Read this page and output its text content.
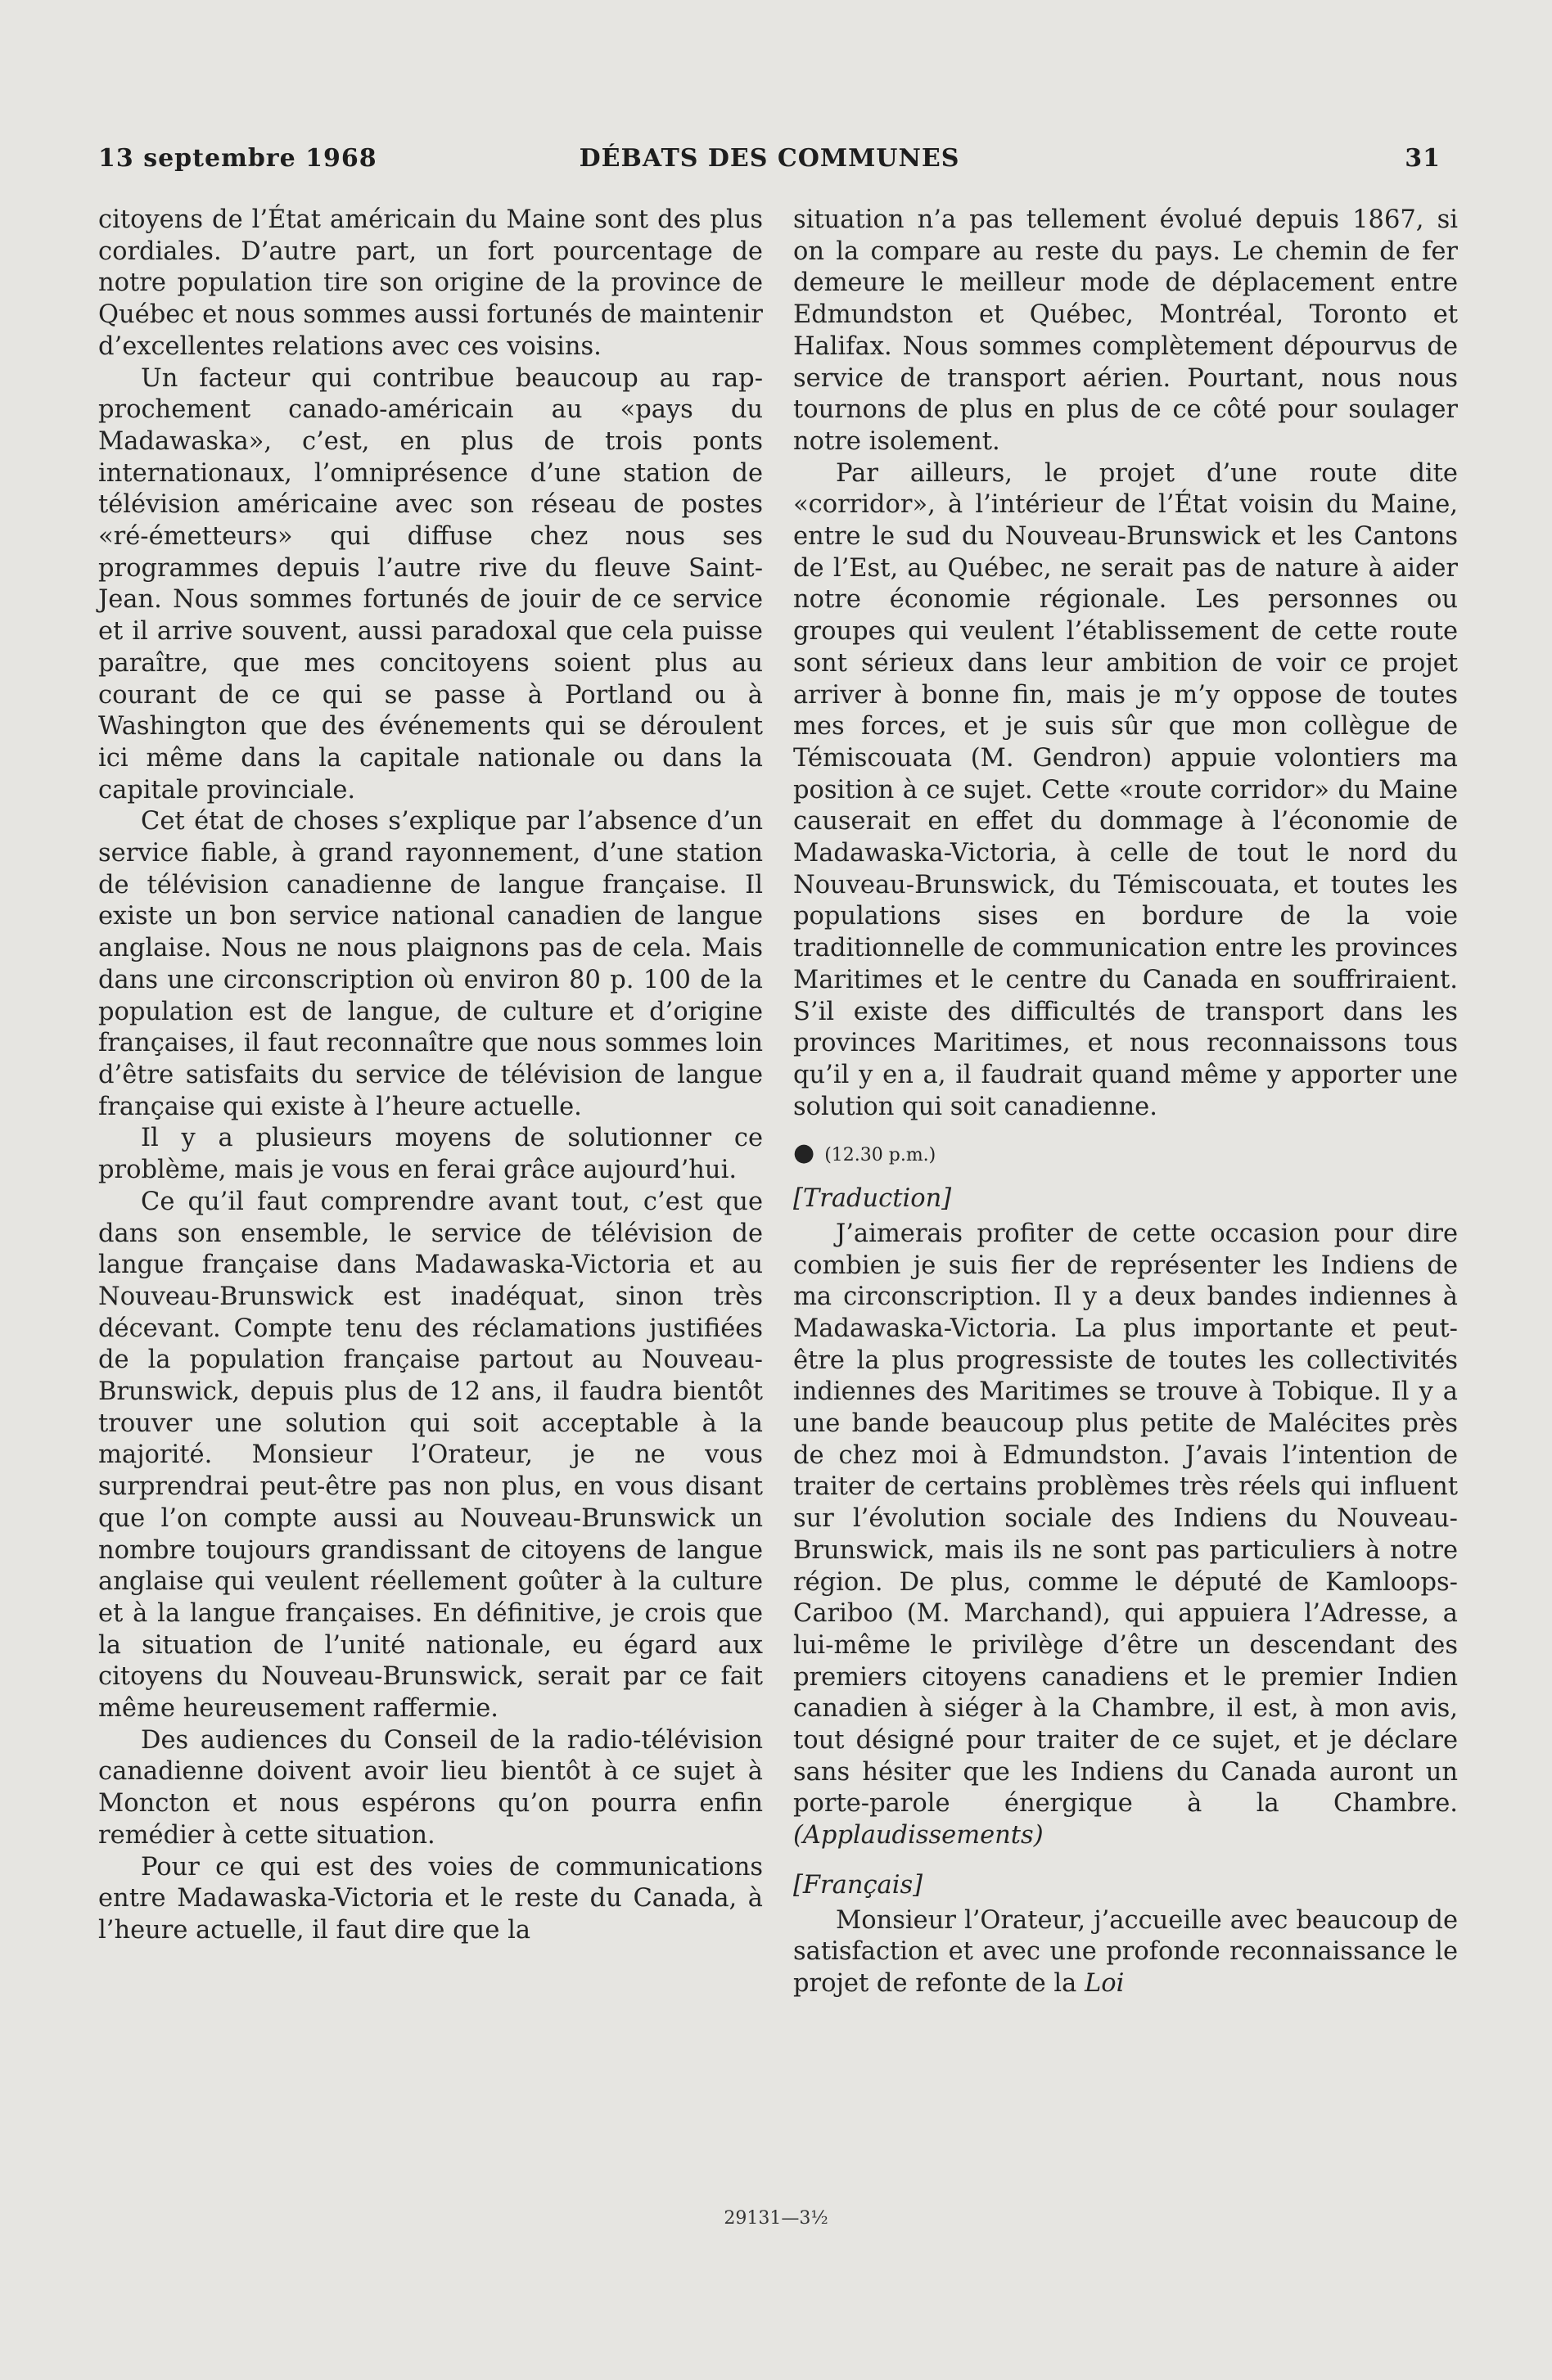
13 septembre 1968	DÉBATS DES COMMUNES	31

citoyens de l’État américain du Maine sont des plus cordiales. D’autre part, un fort pourcentage de notre population tire son origine de la province de Québec et nous sommes aussi fortunés de maintenir d’excellentes relations avec ces voisins.

Un facteur qui contribue beaucoup au rapprochement canado-américain au «pays du Madawaska», c’est, en plus de trois ponts internationaux, l’omniprésence d’une station de télévision américaine avec son réseau de postes «ré-émetteurs» qui diffuse chez nous ses programmes depuis l’autre rive du fleuve Saint-Jean. Nous sommes fortunés de jouir de ce service et il arrive souvent, aussi paradoxal que cela puisse paraître, que mes concitoyens soient plus au courant de ce qui se passe à Portland ou à Washington que des événements qui se déroulent ici même dans la capitale nationale ou dans la capitale provinciale.

Cet état de choses s’explique par l’absence d’un service fiable, à grand rayonnement, d’une station de télévision canadienne de langue française. Il existe un bon service national canadien de langue anglaise. Nous ne nous plaignons pas de cela. Mais dans une circonscription où environ 80 p. 100 de la population est de langue, de culture et d’origine françaises, il faut reconnaître que nous sommes loin d’être satisfaits du service de télévision de langue française qui existe à l’heure actuelle.

Il y a plusieurs moyens de solutionner ce problème, mais je vous en ferai grâce aujourd’hui.

Ce qu’il faut comprendre avant tout, c’est que dans son ensemble, le service de télévision de langue française dans Madawaska-Victoria et au Nouveau-Brunswick est inadéquat, sinon très décevant. Compte tenu des réclamations justifiées de la population française partout au Nouveau-Brunswick, depuis plus de 12 ans, il faudra bientôt trouver une solution qui soit acceptable à la majorité. Monsieur l’Orateur, je ne vous surprendrai peut-être pas non plus, en vous disant que l’on compte aussi au Nouveau-Brunswick un nombre toujours grandissant de citoyens de langue anglaise qui veulent réellement goûter à la culture et à la langue françaises. En définitive, je crois que la situation de l’unité nationale, eu égard aux citoyens du Nouveau-Brunswick, serait par ce fait même heureusement raffermie.

Des audiences du Conseil de la radio-télévision canadienne doivent avoir lieu bientôt à ce sujet à Moncton et nous espérons qu’on pourra enfin remédier à cette situation.

Pour ce qui est des voies de communications entre Madawaska-Victoria et le reste du Canada, à l’heure actuelle, il faut dire que la

situation n’a pas tellement évolué depuis 1867, si on la compare au reste du pays. Le chemin de fer demeure le meilleur mode de déplacement entre Edmundston et Québec, Montréal, Toronto et Halifax. Nous sommes complètement dépourvus de service de transport aérien. Pourtant, nous nous tournons de plus en plus de ce côté pour soulager notre isolement.

Par ailleurs, le projet d’une route dite «corridor», à l’intérieur de l’État voisin du Maine, entre le sud du Nouveau-Brunswick et les Cantons de l’Est, au Québec, ne serait pas de nature à aider notre économie régionale. Les personnes ou groupes qui veulent l’établissement de cette route sont sérieux dans leur ambition de voir ce projet arriver à bonne fin, mais je m’y oppose de toutes mes forces, et je suis sûr que mon collègue de Témiscouata (M. Gendron) appuie volontiers ma position à ce sujet. Cette «route corridor» du Maine causerait en effet du dommage à l’économie de Madawaska-Victoria, à celle de tout le nord du Nouveau-Brunswick, du Témiscouata, et toutes les populations sises en bordure de la voie traditionnelle de communication entre les provinces Maritimes et le centre du Canada en souffriraient. S’il existe des difficultés de transport dans les provinces Maritimes, et nous reconnaissons tous qu’il y en a, il faudrait quand même y apporter une solution qui soit canadienne.

● (12.30 p.m.)

[Traduction]

J’aimerais profiter de cette occasion pour dire combien je suis fier de représenter les Indiens de ma circonscription. Il y a deux bandes indiennes à Madawaska-Victoria. La plus importante et peut-être la plus progressiste de toutes les collectivités indiennes des Maritimes se trouve à Tobique. Il y a une bande beaucoup plus petite de Malécites près de chez moi à Edmundston. J’avais l’intention de traiter de certains problèmes très réels qui influent sur l’évolution sociale des Indiens du Nouveau-Brunswick, mais ils ne sont pas particuliers à notre région. De plus, comme le député de Kamloops-Cariboo (M. Marchand), qui appuiera l’Adresse, a lui-même le privilège d’être un descendant des premiers citoyens canadiens et le premier Indien canadien à siéger à la Chambre, il est, à mon avis, tout désigné pour traiter de ce sujet, et je déclare sans hésiter que les Indiens du Canada auront un porte-parole énergique à la Chambre. (Applaudissements)

[Français]

Monsieur l’Orateur, j’accueille avec beaucoup de satisfaction et avec une profonde reconnaissance le projet de refonte de la Loi

29131—3½
